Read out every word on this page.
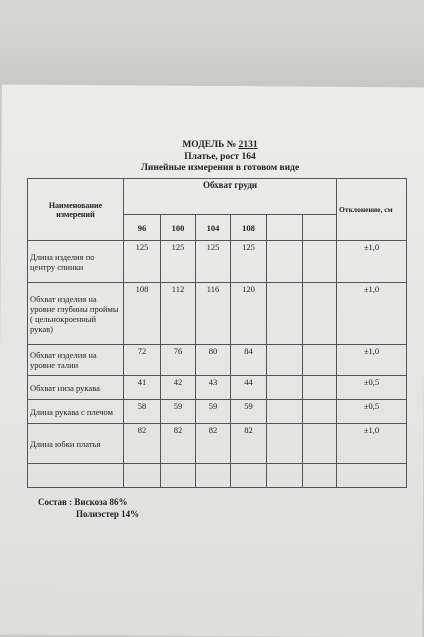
МОДЕЛЬ № 2131
Платье, рост 164
Линейные измерения в готовом виде
Наименование измерений	Обхват груди						Отклонение, см
	96	100	104	108			
Длина изделия по центру спинки	125	125	125	125			±1,0
Обхват изделия на уровне глубины проймы ( цельнокроенный рукав)	108	112	116	120			±1,0
Обхват изделия на уровне талии	72	76	80	84			±1,0
Обхват низа рукава	41	42	43	44			±0,5
Длина рукава с плечом	58	59	59	59			±0,5
Длина юбки платья	82	82	82	82			±1,0

Состав : Вискоза 86%
Полиэстер 14%
